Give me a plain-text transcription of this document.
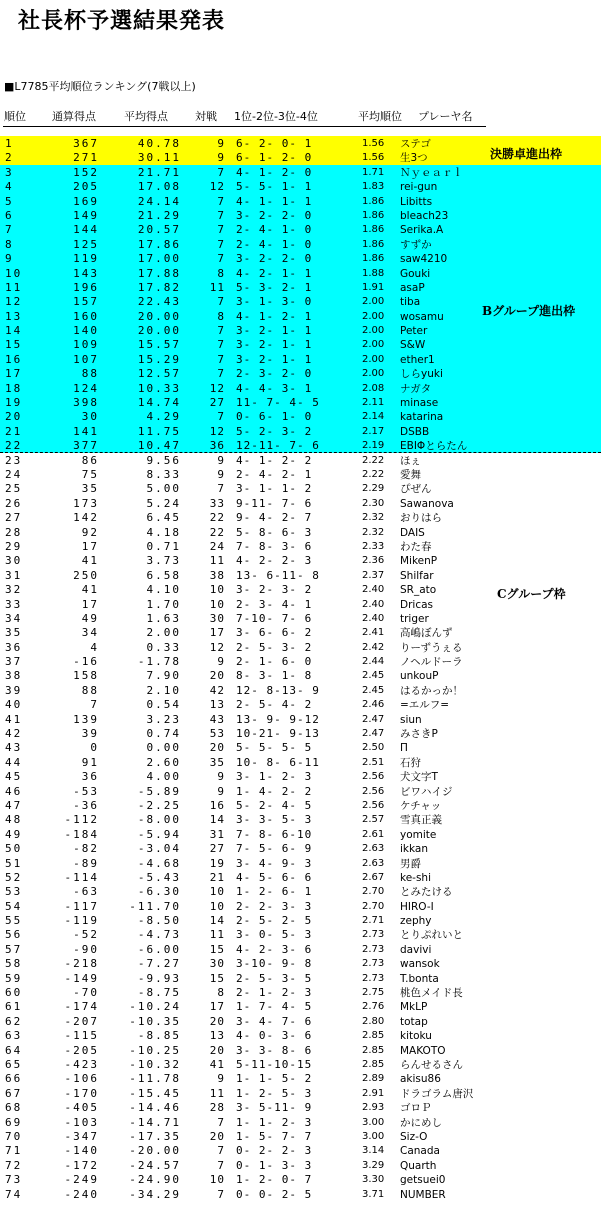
社長杯予選結果発表
■L7785平均順位ランキング(7戦以上)
順位 通算得点	平均得点 対戦 1位-2位-3位-4位	平均順位 プレーヤ名
1	367	40.78	9 6- 2- 0- 1	1.56 ステゴ
2	271	30.11	9 6- 1- 2- 0	1.56 生3つ
3	152	21.71	7 4- 1- 2- 0	1.71 Ｎｙｅａｒｌ
4	205	17.08	12 5- 5- 1- 1	1.83 rei-gun
5	169	24.14	7 4- 1- 1- 1	1.86 Libitts
6	149	21.29	7 3- 2- 2- 0	1.86 bleach23
7	144	20.57	7 2- 4- 1- 0	1.86 Serika.A
8	125	17.86	7 2- 4- 1- 0	1.86 すずか
9	119	17.00	7 3- 2- 2- 0	1.86 saw4210
10	143	17.88	8 4- 2- 1- 1	1.88 Gouki
11	196	17.82	11 5- 3- 2- 1	1.91 asaP
12	157	22.43	7 3- 1- 3- 0	2.00 tiba
13	160	20.00	8 4- 1- 2- 1	2.00 wosamu
14	140	20.00	7 3- 2- 1- 1	2.00 Peter
15	109	15.57	7 3- 2- 1- 1	2.00 S&W
16	107	15.29	7 3- 2- 1- 1	2.00 ether1
17	88	12.57	7 2- 3- 2- 0	2.00 しらyuki
18	124	10.33	12 4- 4- 3- 1	2.08 ナガタ
19	398	14.74	27 11- 7- 4- 5	2.11 minase
20	30	4.29	7 0- 6- 1- 0	2.14 katarina
21	141	11.75	12 5- 2- 3- 2	2.17 DSBB
22	377	10.47	36 12-11- 7- 6	2.19 EBIΦとらたん
23	86	9.56	9 4- 1- 2- 2	2.22 ほぇ
24	75	8.33	9 2- 4- 2- 1	2.22 愛舞
25	35	5.00	7 3- 1- 1- 2	2.29 ぴぜん
26	173	5.24	33 9-11- 7- 6	2.30 Sawanova
27	142	6.45	22 9- 4- 2- 7	2.32 おりはら
28	92	4.18	22 5- 8- 6- 3	2.32 DAIS
29	17	0.71	24 7- 8- 3- 6	2.33 わた春
30	41	3.73	11 4- 2- 2- 3	2.36 MikenP
31	250	6.58	38 13- 6-11- 8	2.37 Shilfar
32	41	4.10	10 3- 2- 3- 2	2.40 SR_ato
33	17	1.70	10 2- 3- 4- 1	2.40 Dricas
34	49	1.63	30 7-10- 7- 6	2.40 triger
35	34	2.00	17 3- 6- 6- 2	2.41 高嶋ぼんず
36	4	0.33	12 2- 5- 3- 2	2.42 りーずうぇる
37	-16	-1.78	9 2- 1- 6- 0	2.44 ノヘルドーラ
38	158	7.90	20 8- 3- 1- 8	2.45 unkouP
39	88	2.10	42 12- 8-13- 9	2.45 はるかっか！
40	7	0.54	13 2- 5- 4- 2	2.46 =エルフ=
41	139	3.23	43 13- 9- 9-12	2.47 siun
42	39	0.74	53 10-21- 9-13	2.47 みさきP
43	0	0.00	20 5- 5- 5- 5	2.50 Π
44	91	2.60	35 10- 8- 6-11	2.51 石狩
45	36	4.00	9 3- 1- 2- 3	2.56 犬文字T
46	-53	-5.89	9 1- 4- 2- 2	2.56 ビワハイジ
47	-36	-2.25	16 5- 2- 4- 5	2.56 ケチャッ
48	-112	-8.00	14 3- 3- 5- 3	2.57 雪真正義
49	-184	-5.94	31 7- 8- 6-10	2.61 yomite
50	-82	-3.04	27 7- 5- 6- 9	2.63 ikkan
51	-89	-4.68	19 3- 4- 9- 3	2.63 男爵
52	-114	-5.43	21 4- 5- 6- 6	2.67 ke-shi
53	-63	-6.30	10 1- 2- 6- 1	2.70 とみたける
54	-117	-11.70	10 2- 2- 3- 3	2.70 HIRO-I
55	-119	-8.50	14 2- 5- 2- 5	2.71 zephy
56	-52	-4.73	11 3- 0- 5- 3	2.73 とりぷれいと
57	-90	-6.00	15 4- 2- 3- 6	2.73 davivi
58	-218	-7.27	30 3-10- 9- 8	2.73 wansok
59	-149	-9.93	15 2- 5- 3- 5	2.73 T.bonta
60	-70	-8.75	8 2- 1- 2- 3	2.75 桃色メイド長
61	-174	-10.24	17 1- 7- 4- 5	2.76 MkLP
62	-207	-10.35	20 3- 4- 7- 6	2.80 totap
63	-115	-8.85	13 4- 0- 3- 6	2.85 kitoku
64	-205	-10.25	20 3- 3- 8- 6	2.85 MAKOTO
65	-423	-10.32	41 5-11-10-15	2.85 らんせるさん
66	-106	-11.78	9 1- 1- 5- 2	2.89 akisu86
67	-170	-15.45	11 1- 2- 5- 3	2.91 ドラゴラム唐沢
68	-405	-14.46	28 3- 5-11- 9	2.93 ゴロＰ
69	-103	-14.71	7 1- 1- 2- 3	3.00 かにめし
70	-347	-17.35	20 1- 5- 7- 7	3.00 Siz-O
71	-140	-20.00	7 0- 2- 2- 3	3.14 Canada
72	-172	-24.57	7 0- 1- 3- 3	3.29 Quarth
73	-249	-24.90	10 1- 2- 0- 7	3.30 getsuei0
74	-240	-34.29	7 0- 0- 2- 5	3.71 NUMBER
決勝卓進出枠
Bグループ進出枠
Cグループ枠
